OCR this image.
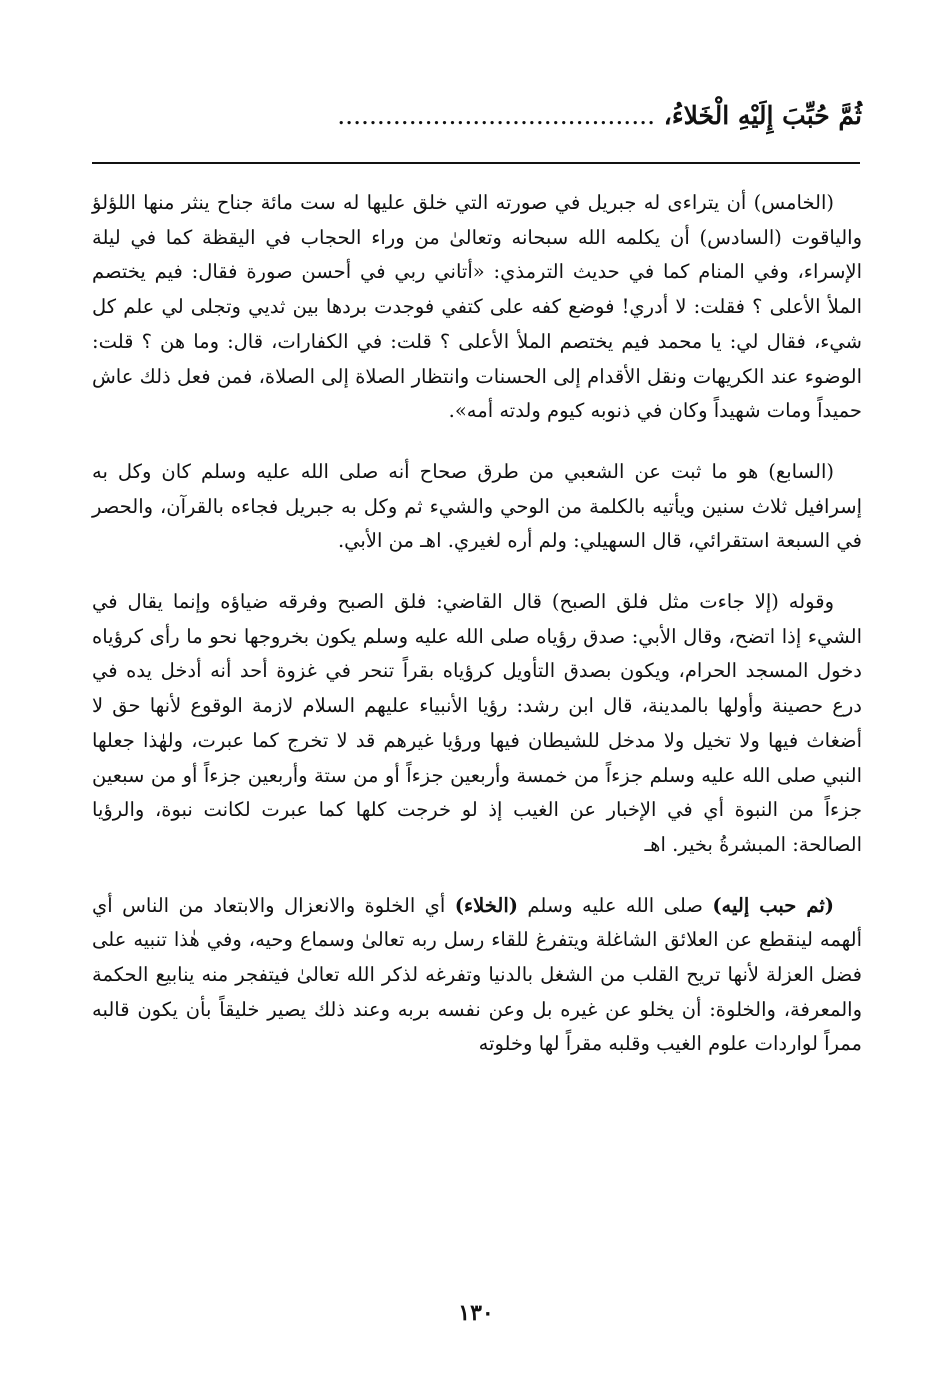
ثُمَّ حُبِّبَ إِلَيْهِ الْخَلاءُ، ........................................

(الخامس) أن يتراءى له جبريل في صورته التي خلق عليها له ست مائة جناح ينثر منها اللؤلؤ والياقوت (السادس) أن يكلمه الله سبحانه وتعالىٰ من وراء الحجاب في اليقظة كما في ليلة الإسراء، وفي المنام كما في حديث الترمذي: «أتاني ربي في أحسن صورة فقال: فيم يختصم الملأ الأعلى ؟ فقلت: لا أدري! فوضع كفه على كتفي فوجدت بردها بين ثديي وتجلى لي علم كل شيء، فقال لي: يا محمد فيم يختصم الملأ الأعلى ؟ قلت: في الكفارات، قال: وما هن ؟ قلت: الوضوء عند الكريهات ونقل الأقدام إلى الحسنات وانتظار الصلاة إلى الصلاة، فمن فعل ذلك عاش حميداً ومات شهيداً وكان في ذنوبه كيوم ولدته أمه».

(السابع) هو ما ثبت عن الشعبي من طرق صحاح أنه صلى الله عليه وسلم كان وكل به إسرافيل ثلاث سنين ويأتيه بالكلمة من الوحي والشيء ثم وكل به جبريل فجاءه بالقرآن، والحصر في السبعة استقرائي، قال السهيلي: ولم أره لغيري. اهـ من الأبي.

وقوله (إلا جاءت مثل فلق الصبح) قال القاضي: فلق الصبح وفرقه ضياؤه وإنما يقال في الشيء إذا اتضح، وقال الأبي: صدق رؤياه صلى الله عليه وسلم يكون بخروجها نحو ما رأى كرؤياه دخول المسجد الحرام، ويكون بصدق التأويل كرؤياه بقراً تنحر في غزوة أحد أنه أدخل يده في درع حصينة وأولها بالمدينة، قال ابن رشد: رؤيا الأنبياء عليهم السلام لازمة الوقوع لأنها حق لا أضغاث فيها ولا تخيل ولا مدخل للشيطان فيها ورؤيا غيرهم قد لا تخرج كما عبرت، ولهٰذا جعلها النبي صلى الله عليه وسلم جزءاً من خمسة وأربعين جزءاً أو من ستة وأربعين جزءاً أو من سبعين جزءاً من النبوة أي في الإخبار عن الغيب إذ لو خرجت كلها كما عبرت لكانت نبوة، والرؤيا الصالحة: المبشرةُ بخير. اهـ

(ثم حبب إليه) صلى الله عليه وسلم (الخلاء) أي الخلوة والانعزال والابتعاد من الناس أي ألهمه لينقطع عن العلائق الشاغلة ويتفرغ للقاء رسل ربه تعالىٰ وسماع وحيه، وفي هٰذا تنبيه على فضل العزلة لأنها تريح القلب من الشغل بالدنيا وتفرغه لذكر الله تعالىٰ فيتفجر منه ينابيع الحكمة والمعرفة، والخلوة: أن يخلو عن غيره بل وعن نفسه بربه وعند ذلك يصير خليقاً بأن يكون قالبه ممراً لواردات علوم الغيب وقلبه مقراً لها وخلوته

١٣٠
